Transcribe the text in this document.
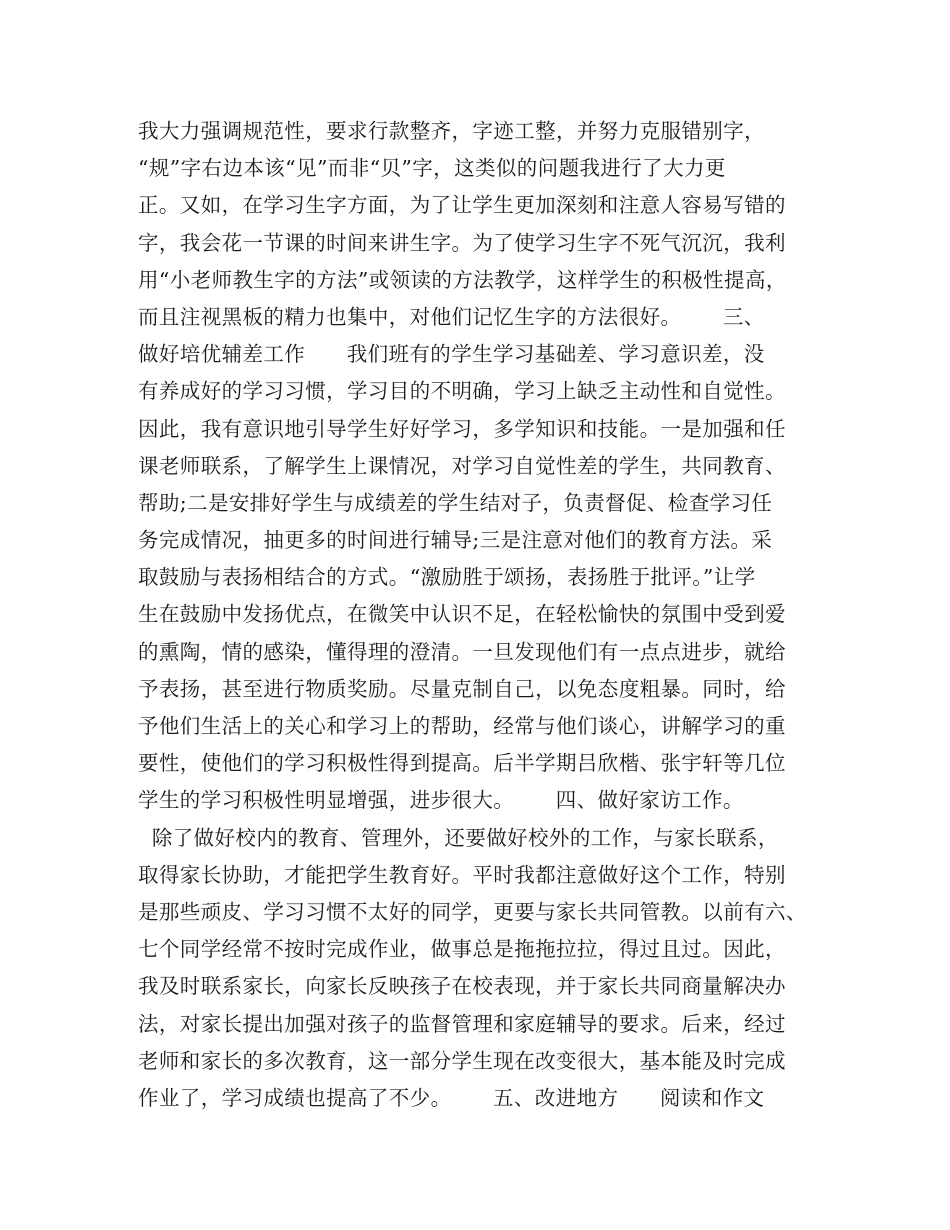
我大力强调规范性，要求行款整齐，字迹工整，并努力克服错别字，
“规”字右边本该“见”而非“贝”字，这类似的问题我进行了大力更
正。又如，在学习生字方面，为了让学生更加深刻和注意人容易写错的
字，我会花一节课的时间来讲生字。为了使学习生字不死气沉沉，我利
用“小老师教生字的方法”或领读的方法教学，这样学生的积极性提高，
而且注视黑板的精力也集中，对他们记忆生字的方法很好。      三、
做好培优辅差工作      我们班有的学生学习基础差、学习意识差，没
有养成好的学习习惯，学习目的不明确，学习上缺乏主动性和自觉性。
因此，我有意识地引导学生好好学习，多学知识和技能。一是加强和任
课老师联系，了解学生上课情况，对学习自觉性差的学生，共同教育、
帮助;二是安排好学生与成绩差的学生结对子，负责督促、检查学习任
务完成情况，抽更多的时间进行辅导;三是注意对他们的教育方法。采
取鼓励与表扬相结合的方式。“激励胜于颂扬，表扬胜于批评。”让学
生在鼓励中发扬优点，在微笑中认识不足，在轻松愉快的氛围中受到爱
的熏陶，情的感染，懂得理的澄清。一旦发现他们有一点点进步，就给
予表扬，甚至进行物质奖励。尽量克制自己，以免态度粗暴。同时，给
予他们生活上的关心和学习上的帮助，经常与他们谈心，讲解学习的重
要性，使他们的学习积极性得到提高。后半学期吕欣楷、张宇轩等几位
学生的学习积极性明显增强，进步很大。      四、做好家访工作。
除了做好校内的教育、管理外，还要做好校外的工作，与家长联系，
取得家长协助，才能把学生教育好。平时我都注意做好这个工作，特别
是那些顽皮、学习习惯不太好的同学，更要与家长共同管教。以前有六、
七个同学经常不按时完成作业，做事总是拖拖拉拉，得过且过。因此，
我及时联系家长，向家长反映孩子在校表现，并于家长共同商量解决办
法，对家长提出加强对孩子的监督管理和家庭辅导的要求。后来，经过
老师和家长的多次教育，这一部分学生现在改变很大，基本能及时完成
作业了，学习成绩也提高了不少。      五、改进地方      阅读和作文
